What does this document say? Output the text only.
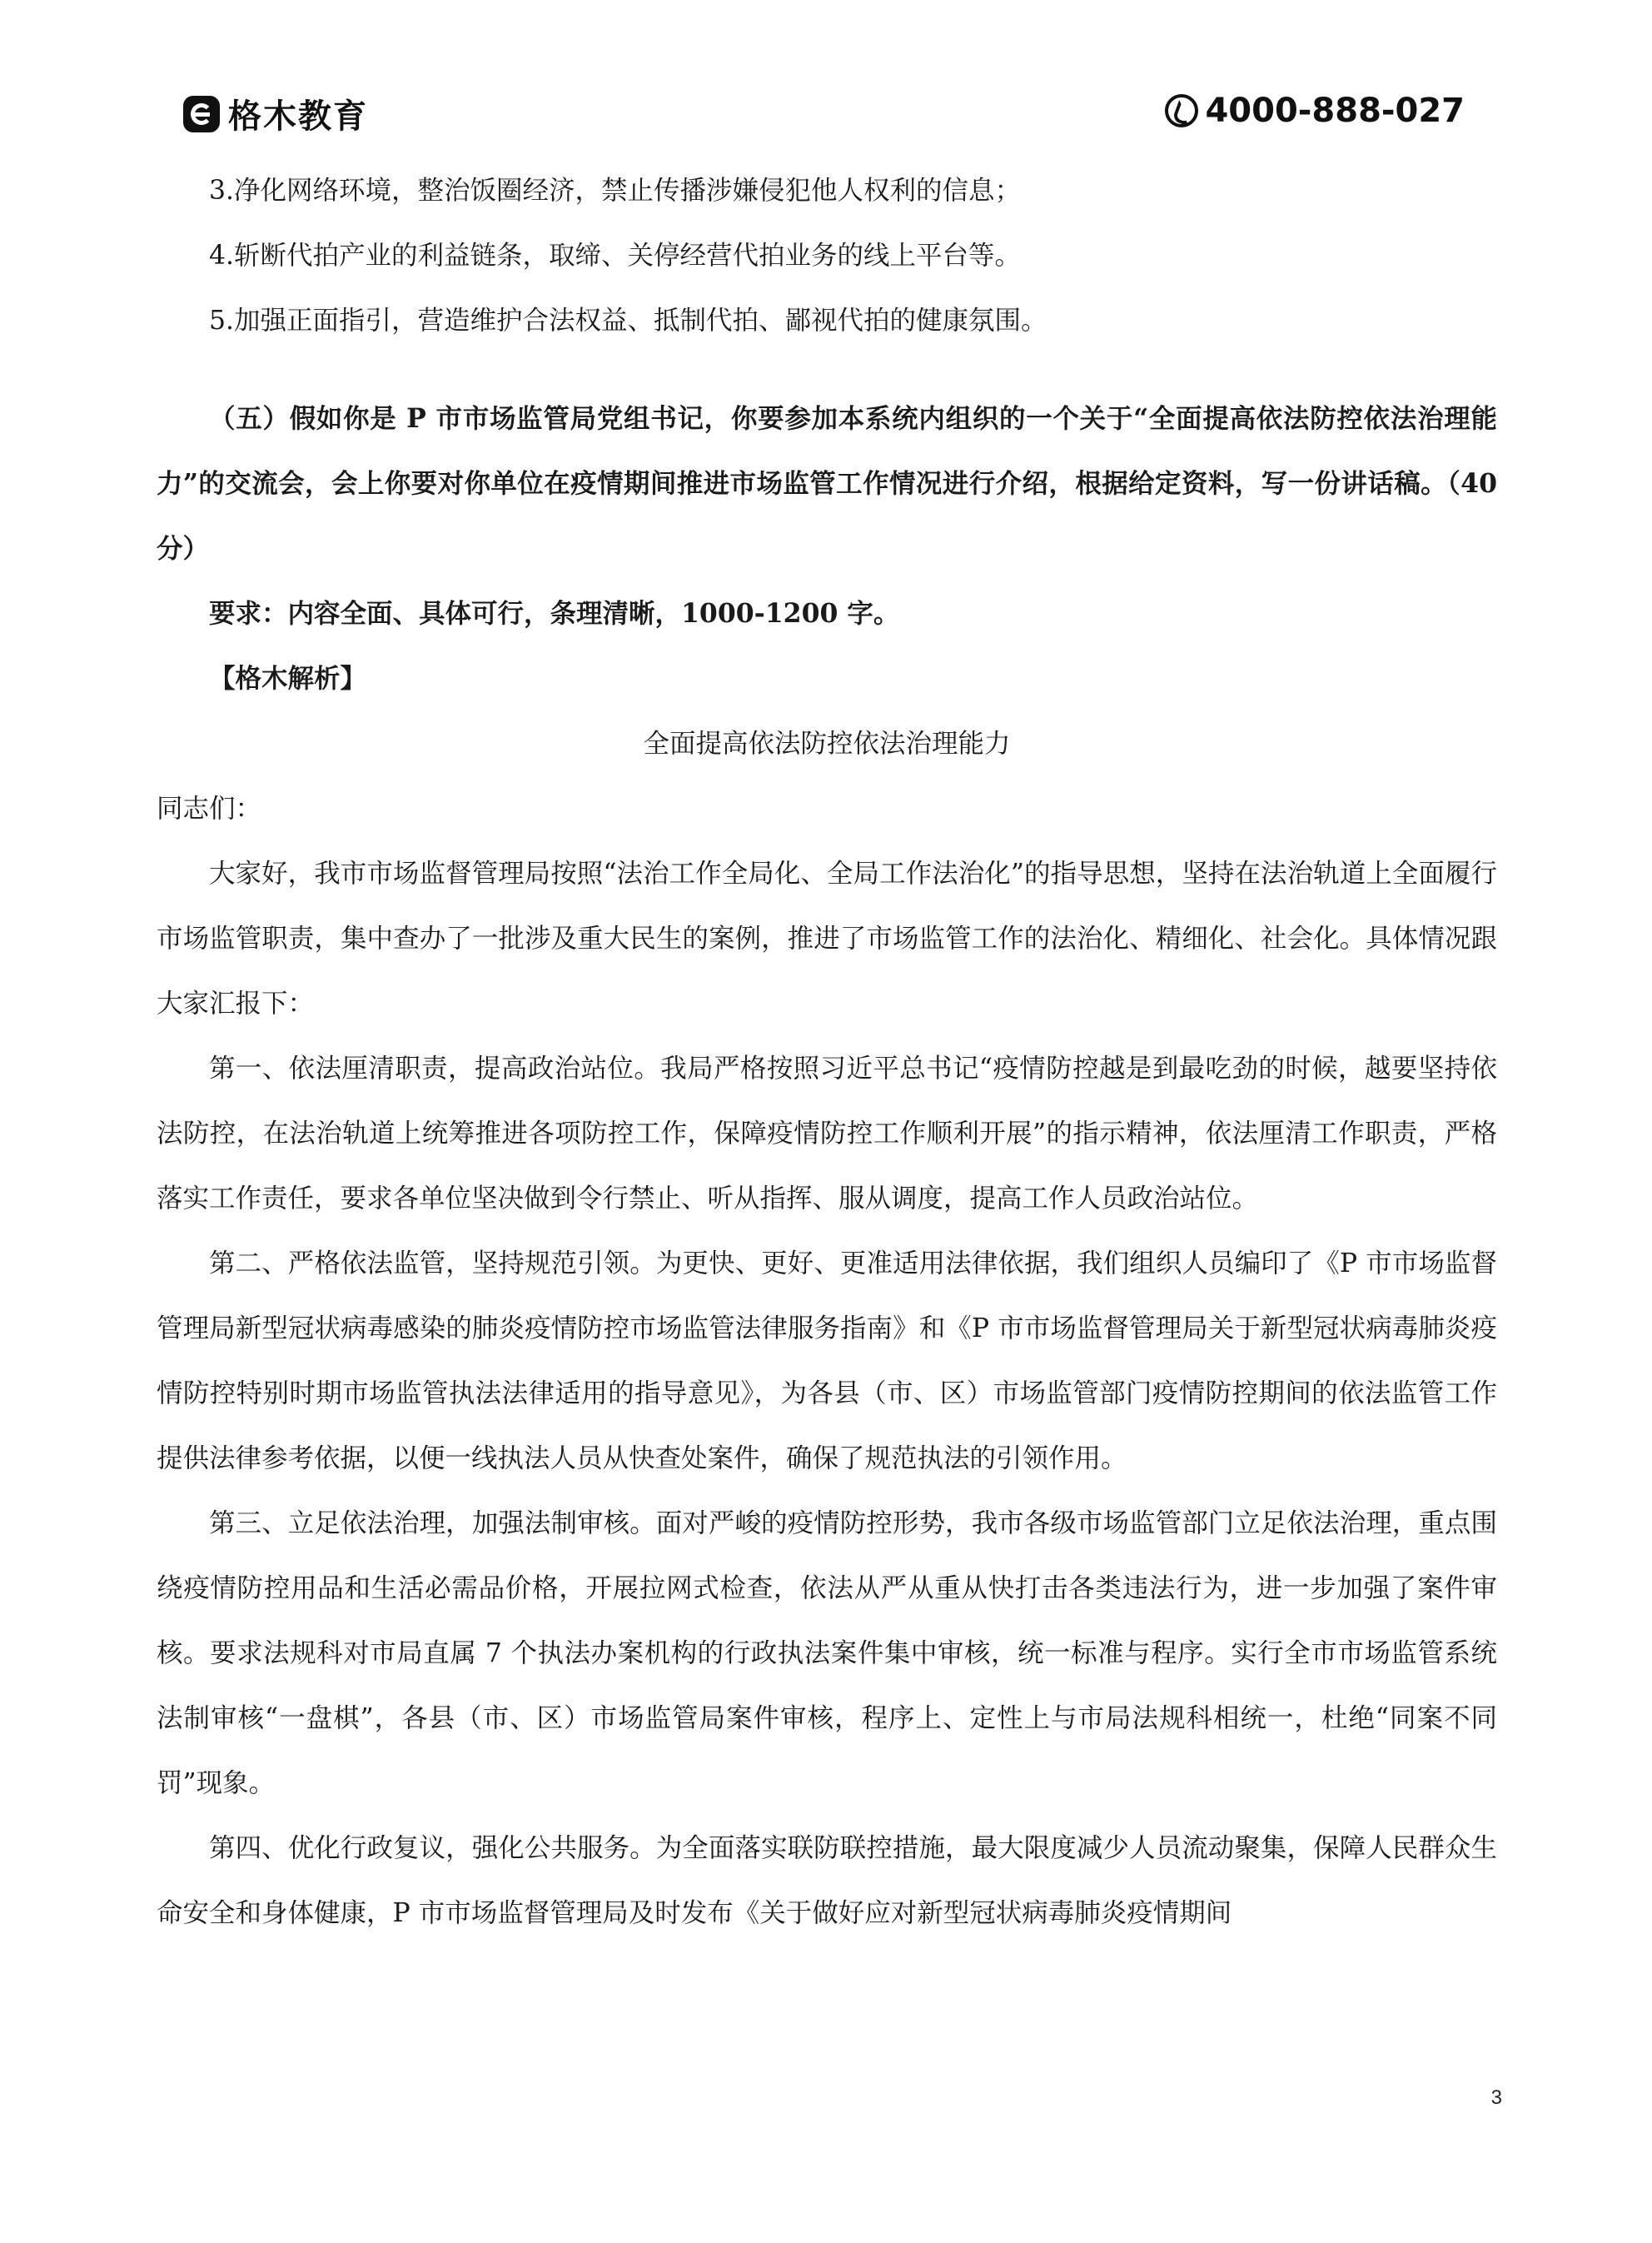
格木教育	4000-888-027
3.净化网络环境，整治饭圈经济，禁止传播涉嫌侵犯他人权利的信息；
4.斩断代拍产业的利益链条，取缔、关停经营代拍业务的线上平台等。
5.加强正面指引，营造维护合法权益、抵制代拍、鄙视代拍的健康氛围。
（五）假如你是 P 市市场监管局党组书记，你要参加本系统内组织的一个关于“全面提高依法防控依法治理能力”的交流会，会上你要对你单位在疫情期间推进市场监管工作情况进行介绍，根据给定资料，写一份讲话稿。（40 分）
要求：内容全面、具体可行，条理清晰，1000-1200 字。
【格木解析】
全面提高依法防控依法治理能力
同志们：
大家好，我市市场监督管理局按照“法治工作全局化、全局工作法治化”的指导思想，坚持在法治轨道上全面履行市场监管职责，集中查办了一批涉及重大民生的案例，推进了市场监管工作的法治化、精细化、社会化。具体情况跟大家汇报下：
第一、依法厘清职责，提高政治站位。我局严格按照习近平总书记“疫情防控越是到最吃劲的时候，越要坚持依法防控，在法治轨道上统筹推进各项防控工作，保障疫情防控工作顺利开展”的指示精神，依法厘清工作职责，严格落实工作责任，要求各单位坚决做到令行禁止、听从指挥、服从调度，提高工作人员政治站位。
第二、严格依法监管，坚持规范引领。为更快、更好、更准适用法律依据，我们组织人员编印了《P 市市场监督管理局新型冠状病毒感染的肺炎疫情防控市场监管法律服务指南》和《P 市市场监督管理局关于新型冠状病毒肺炎疫情防控特别时期市场监管执法法律适用的指导意见》，为各县（市、区）市场监管部门疫情防控期间的依法监管工作提供法律参考依据，以便一线执法人员从快查处案件，确保了规范执法的引领作用。
第三、立足依法治理，加强法制审核。面对严峻的疫情防控形势，我市各级市场监管部门立足依法治理，重点围绕疫情防控用品和生活必需品价格，开展拉网式检查，依法从严从重从快打击各类违法行为，进一步加强了案件审核。要求法规科对市局直属 7 个执法办案机构的行政执法案件集中审核，统一标准与程序。实行全市市场监管系统法制审核“一盘棋”，各县（市、区）市场监管局案件审核，程序上、定性上与市局法规科相统一，杜绝“同案不同罚”现象。
第四、优化行政复议，强化公共服务。为全面落实联防联控措施，最大限度减少人员流动聚集，保障人民群众生命安全和身体健康，P 市市场监督管理局及时发布《关于做好应对新型冠状病毒肺炎疫情期间
3
